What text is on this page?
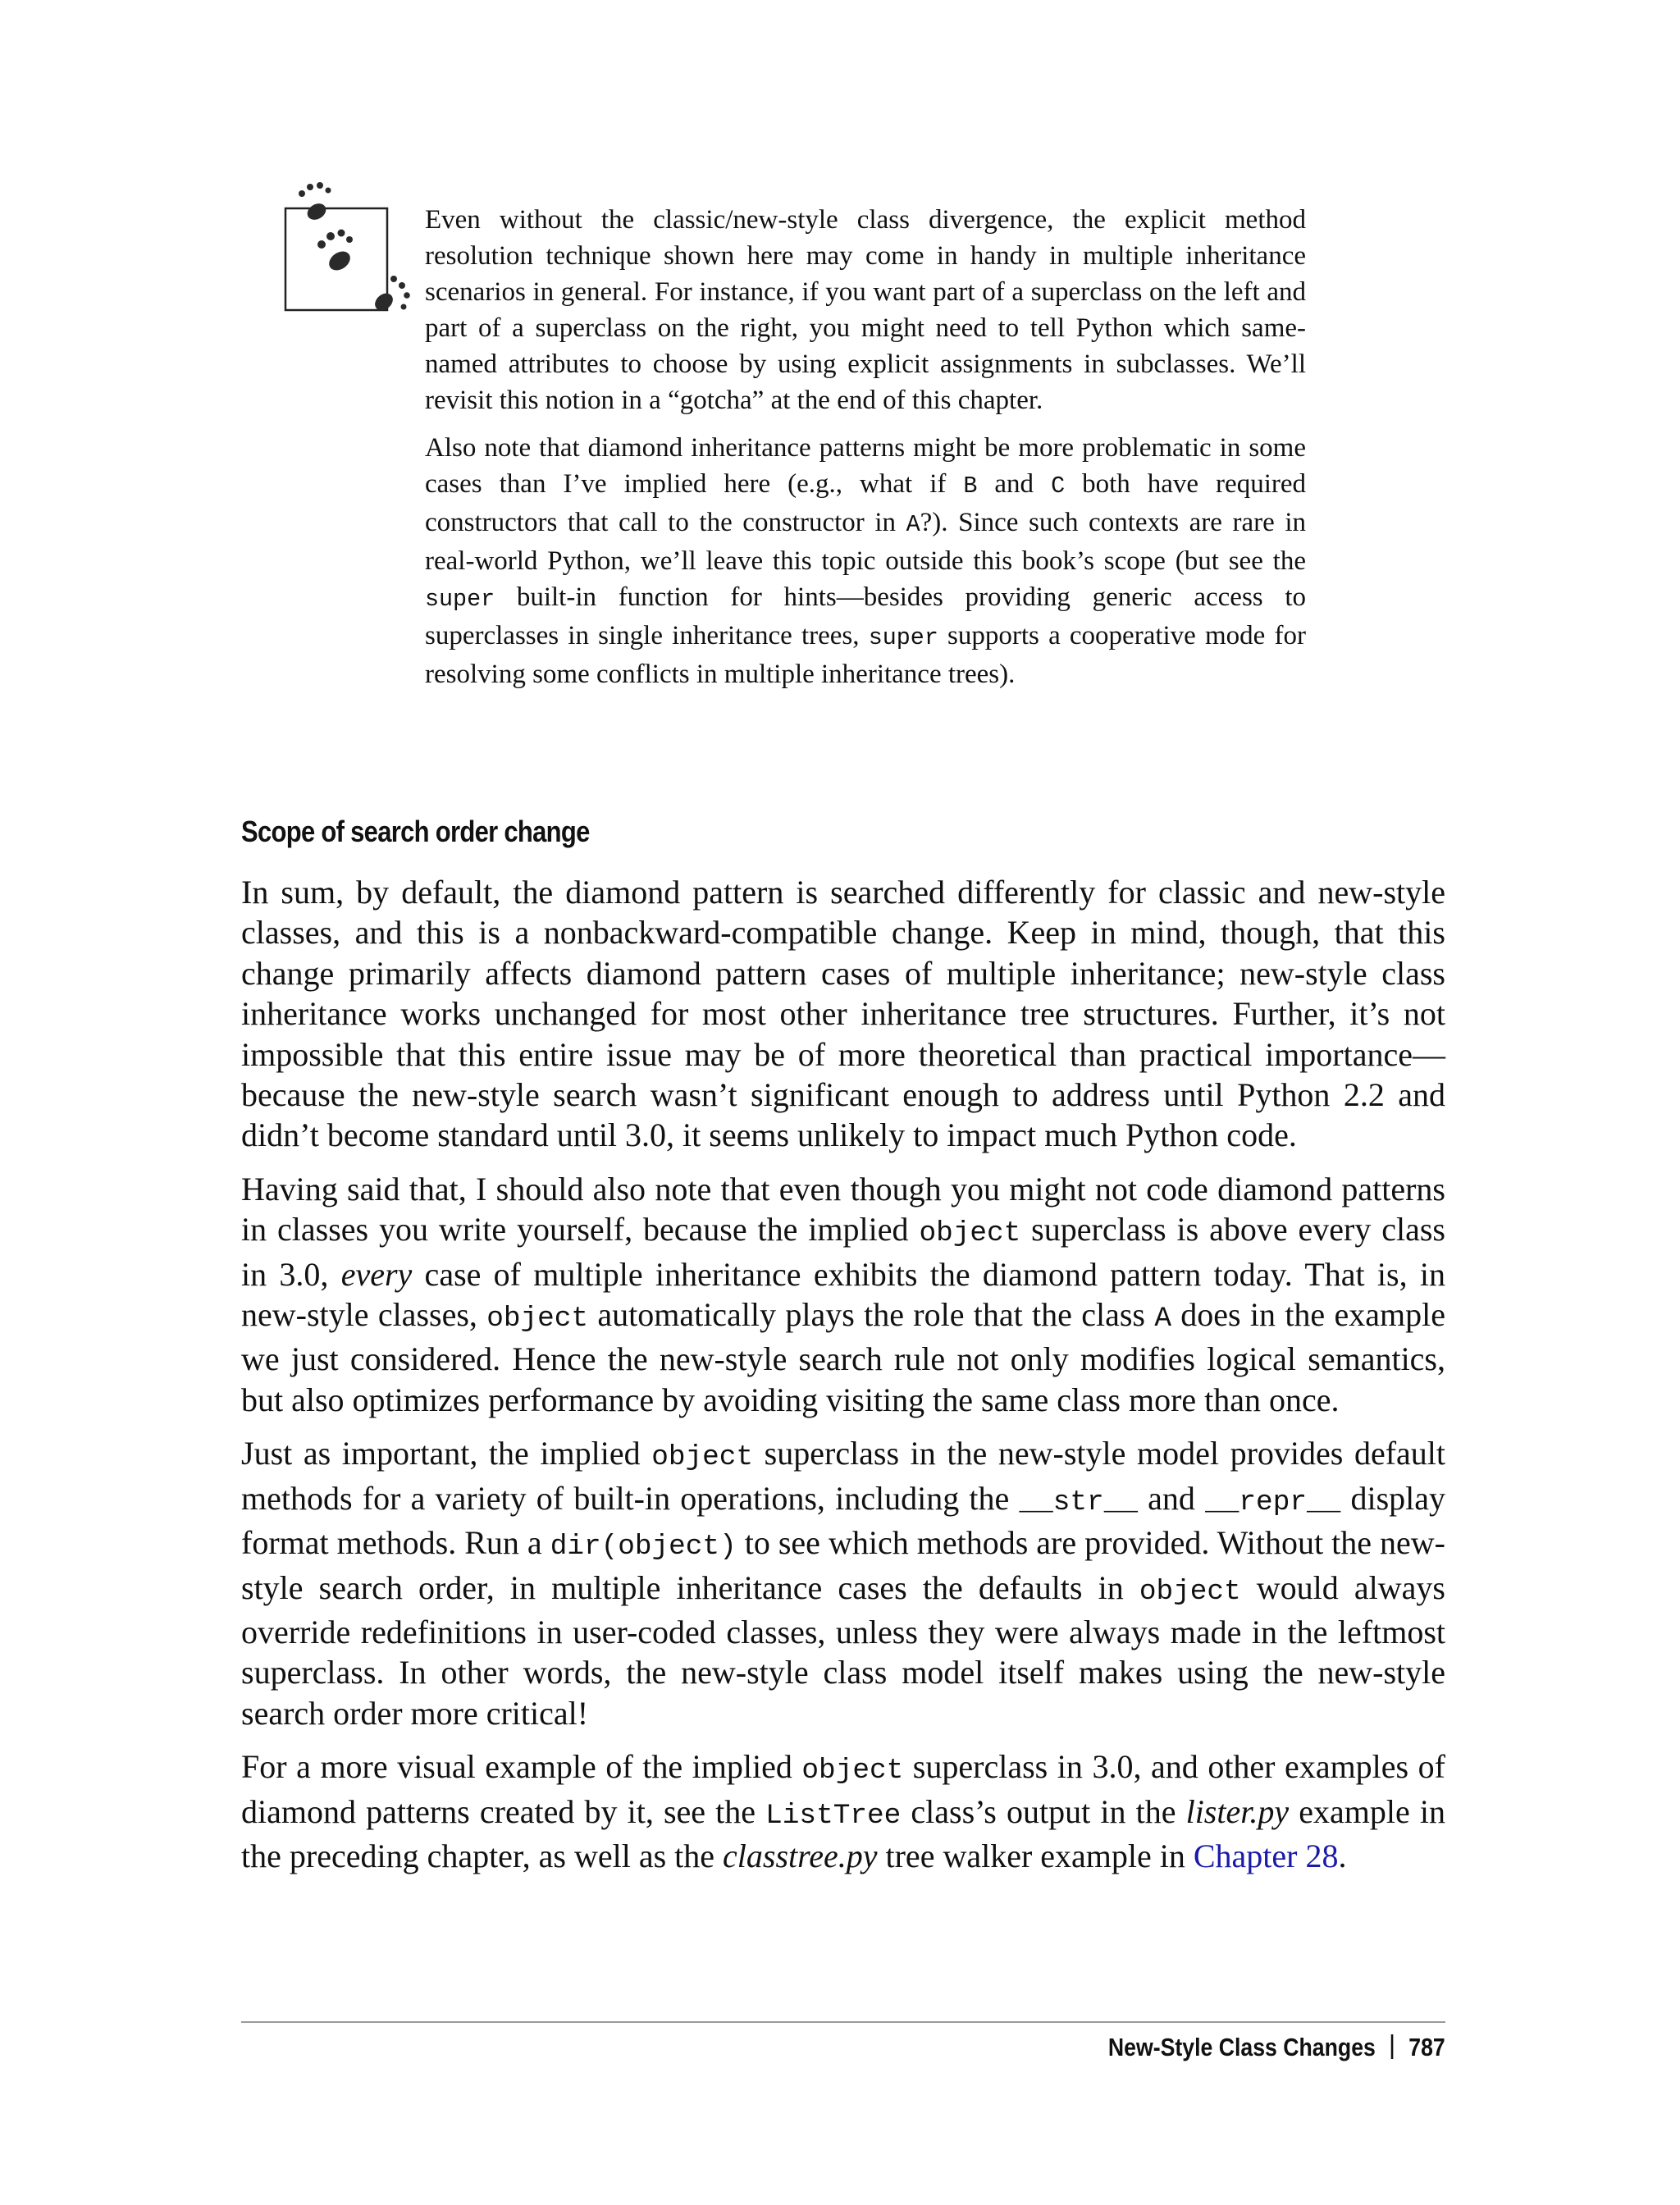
Even without the classic/new-style class divergence, the explicit method resolution technique shown here may come in handy in multiple inheritance scenarios in general. For instance, if you want part of a superclass on the left and part of a superclass on the right, you might need to tell Python which same-named attributes to choose by using explicit assignments in subclasses. We’ll revisit this notion in a “gotcha” at the end of this chapter.

Also note that diamond inheritance patterns might be more problematic in some cases than I’ve implied here (e.g., what if B and C both have required constructors that call to the constructor in A?). Since such contexts are rare in real-world Python, we’ll leave this topic outside this book’s scope (but see the super built-in function for hints—besides providing generic access to superclasses in single inheritance trees, super supports a cooperative mode for resolving some conflicts in multiple inheritance trees).

Scope of search order change

In sum, by default, the diamond pattern is searched differently for classic and new-style classes, and this is a nonbackward-compatible change. Keep in mind, though, that this change primarily affects diamond pattern cases of multiple inheritance; new-style class inheritance works unchanged for most other inheritance tree structures. Further, it’s not impossible that this entire issue may be of more theoretical than practical importance—because the new-style search wasn’t significant enough to address until Python 2.2 and didn’t become standard until 3.0, it seems unlikely to impact much Python code.

Having said that, I should also note that even though you might not code diamond patterns in classes you write yourself, because the implied object superclass is above every class in 3.0, every case of multiple inheritance exhibits the diamond pattern today. That is, in new-style classes, object automatically plays the role that the class A does in the example we just considered. Hence the new-style search rule not only modifies logical semantics, but also optimizes performance by avoiding visiting the same class more than once.

Just as important, the implied object superclass in the new-style model provides default methods for a variety of built-in operations, including the __str__ and __repr__ display format methods. Run a dir(object) to see which methods are provided. Without the new-style search order, in multiple inheritance cases the defaults in object would always override redefinitions in user-coded classes, unless they were always made in the leftmost superclass. In other words, the new-style class model itself makes using the new-style search order more critical!

For a more visual example of the implied object superclass in 3.0, and other examples of diamond patterns created by it, see the ListTree class’s output in the lister.py example in the preceding chapter, as well as the classtree.py tree walker example in Chapter 28.

New-Style Class Changes 787
